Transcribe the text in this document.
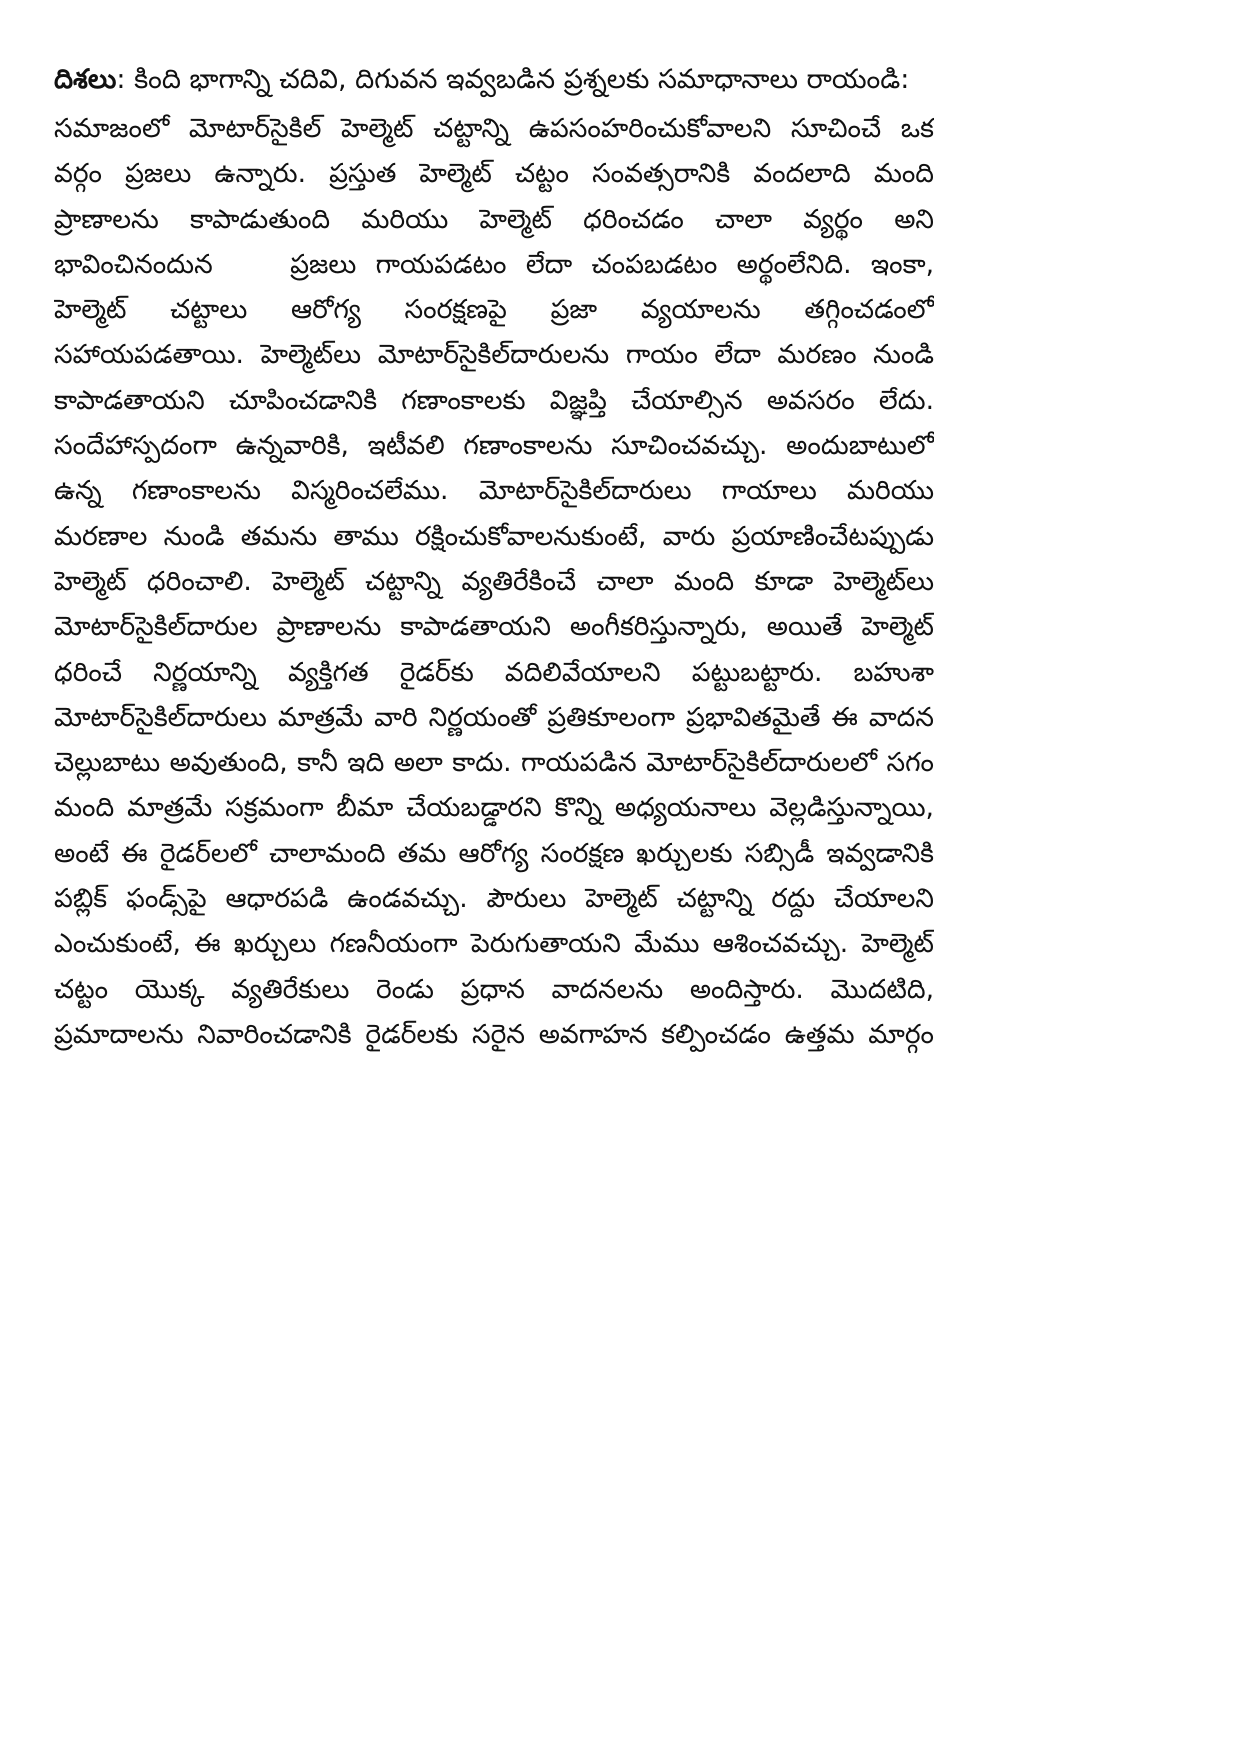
దిశలు: కింది భాగాన్ని చదివి, దిగువన ఇవ్వబడిన ప్రశ్నలకు సమాధానాలు రాయండి:
సమాజంలో మోటార్‌సైకిల్ హెల్మెట్ చట్టాన్ని ఉపసంహరించుకోవాలని సూచించే ఒక
వర్గం ప్రజలు ఉన్నారు. ప్రస్తుత హెల్మెట్ చట్టం సంవత్సరానికి వందలాది మంది
ప్రాణాలను కాపాడుతుంది మరియు హెల్మెట్ ధరించడం చాలా వ్యర్థం అని
భావించినందున    ప్రజలు గాయపడటం లేదా చంపబడటం అర్థంలేనిది. ఇంకా,
హెల్మెట్ చట్టాలు ఆరోగ్య సంరక్షణపై ప్రజా వ్యయాలను తగ్గించడంలో
సహాయపడతాయి. హెల్మెట్‌లు మోటార్‌సైకిల్‌దారులను గాయం లేదా మరణం నుండి
కాపాడతాయని చూపించడానికి గణాంకాలకు విజ్ఞప్తి చేయాల్సిన అవసరం లేదు.
సందేహాస్పదంగా ఉన్నవారికి, ఇటీవలి గణాంకాలను సూచించవచ్చు. అందుబాటులో
ఉన్న గణాంకాలను విస్మరించలేము. మోటార్‌సైకిల్‌దారులు గాయాలు మరియు
మరణాల నుండి తమను తాము రక్షించుకోవాలనుకుంటే, వారు ప్రయాణించేటప్పుడు
హెల్మెట్ ధరించాలి. హెల్మెట్ చట్టాన్ని వ్యతిరేకించే చాలా మంది కూడా హెల్మెట్‌లు
మోటార్‌సైకిల్‌దారుల ప్రాణాలను కాపాడతాయని అంగీకరిస్తున్నారు, అయితే హెల్మెట్
ధరించే నిర్ణయాన్ని వ్యక్తిగత రైడర్‌కు వదిలివేయాలని పట్టుబట్టారు. బహుశా
మోటార్‌సైకిల్‌దారులు మాత్రమే వారి నిర్ణయంతో ప్రతికూలంగా ప్రభావితమైతే ఈ వాదన
చెల్లుబాటు అవుతుంది, కానీ ఇది అలా కాదు. గాయపడిన మోటార్‌సైకిల్‌దారులలో సగం
మంది మాత్రమే సక్రమంగా బీమా చేయబడ్డారని కొన్ని అధ్యయనాలు వెల్లడిస్తున్నాయి,
అంటే ఈ రైడర్‌లలో చాలామంది తమ ఆరోగ్య సంరక్షణ ఖర్చులకు సబ్సిడీ ఇవ్వడానికి
పబ్లిక్ ఫండ్స్‌పై ఆధారపడి ఉండవచ్చు. పౌరులు హెల్మెట్ చట్టాన్ని రద్దు చేయాలని
ఎంచుకుంటే, ఈ ఖర్చులు గణనీయంగా పెరుగుతాయని మేము ఆశించవచ్చు. హెల్మెట్
చట్టం యొక్క వ్యతిరేకులు రెండు ప్రధాన వాదనలను అందిస్తారు. మొదటిది,
ప్రమాదాలను నివారించడానికి రైడర్‌లకు సరైన అవగాహన కల్పించడం ఉత్తమ మార్గం
